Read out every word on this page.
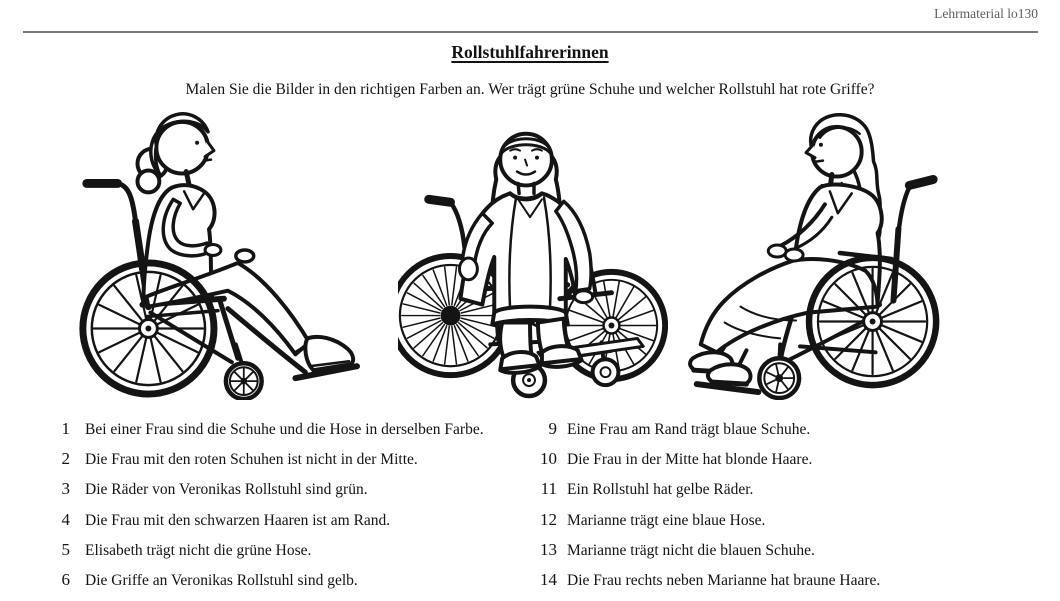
Lehrmaterial lo130
Rollstuhlfahrerinnen
Malen Sie die Bilder in den richtigen Farben an. Wer trägt grüne Schuhe und welcher Rollstuhl hat rote Griffe?
1 Bei einer Frau sind die Schuhe und die Hose in derselben Farbe.
2 Die Frau mit den roten Schuhen ist nicht in der Mitte.
3 Die Räder von Veronikas Rollstuhl sind grün.
4 Die Frau mit den schwarzen Haaren ist am Rand.
5 Elisabeth trägt nicht die grüne Hose.
6 Die Griffe an Veronikas Rollstuhl sind gelb.
9 Eine Frau am Rand trägt blaue Schuhe.
10 Die Frau in der Mitte hat blonde Haare.
11 Ein Rollstuhl hat gelbe Räder.
12 Marianne trägt eine blaue Hose.
13 Marianne trägt nicht die blauen Schuhe.
14 Die Frau rechts neben Marianne hat braune Haare.
